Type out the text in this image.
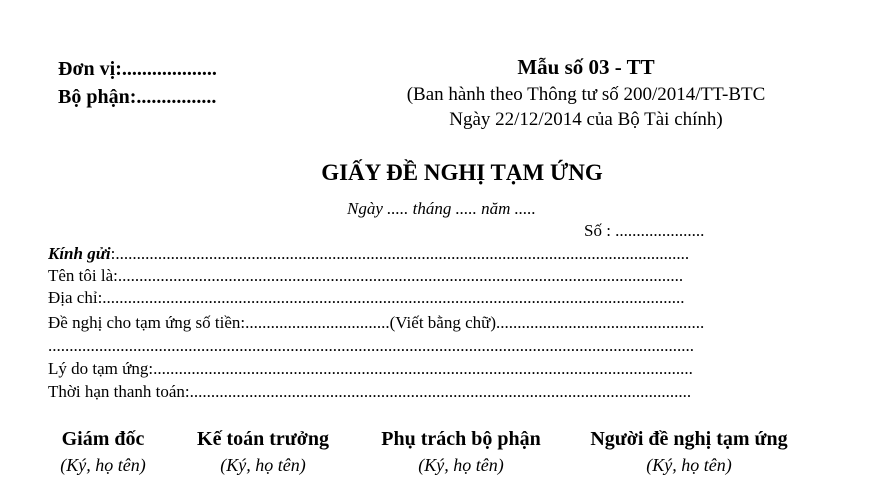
Đơn vị:...................
Bộ phận:................
Mẫu số 03 - TT
(Ban hành theo Thông tư số 200/2014/TT-BTC
Ngày 22/12/2014 của Bộ Tài chính)
GIẤY ĐỀ NGHỊ TẠM ỨNG
Ngày ..... tháng ..... năm .....
Số : .....................
Kính gửi:.......................................................................................................................................
Tên tôi là:.....................................................................................................................................
Địa chỉ:.........................................................................................................................................
Đề nghị cho tạm ứng số tiền:..................................(Viết bằng chữ).................................................
........................................................................................................................................................
Lý do tạm ứng:...............................................................................................................................
Thời hạn thanh toán:......................................................................................................................
Giám đốc
(Ký, họ tên)
Kế toán trưởng
(Ký, họ tên)
Phụ trách bộ phận
(Ký, họ tên)
Người đề nghị tạm ứng
(Ký, họ tên)
